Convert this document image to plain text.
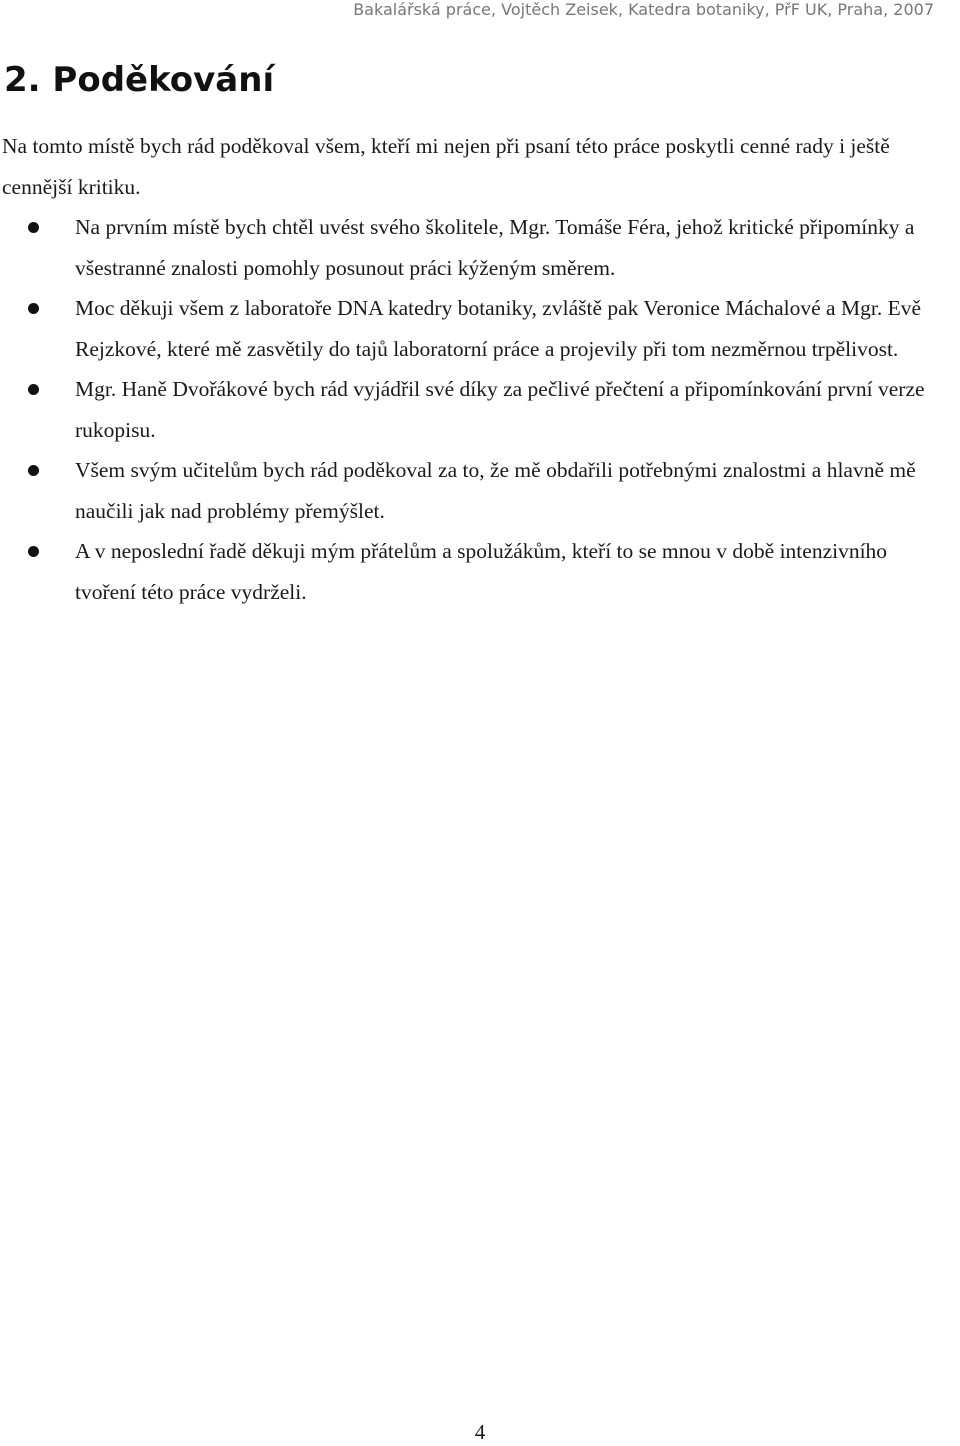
Bakalářská práce, Vojtěch Zeisek, Katedra botaniky, PřF UK, Praha, 2007
2. Poděkování

Na tomto místě bych rád poděkoval všem, kteří mi nejen při psaní této práce poskytli cenné rady i ještě cennější kritiku.

Na prvním místě bych chtěl uvést svého školitele, Mgr. Tomáše Féra, jehož kritické připomínky a všestranné znalosti pomohly posunout práci kýženým směrem.
Moc děkuji všem z laboratoře DNA katedry botaniky, zvláště pak Veronice Máchalové a Mgr. Evě Rejzkové, které mě zasvětily do tajů laboratorní práce a projevily při tom nezměrnou trpělivost.
Mgr. Haně Dvořákové bych rád vyjádřil své díky za pečlivé přečtení a připomínkování první verze rukopisu.
Všem svým učitelům bych rád poděkoval za to, že mě obdařili potřebnými znalostmi a hlavně mě naučili jak nad problémy přemýšlet.
A v neposlední řadě děkuji mým přátelům a spolužákům, kteří to se mnou v době intenzivního tvoření této práce vydrželi.
4
